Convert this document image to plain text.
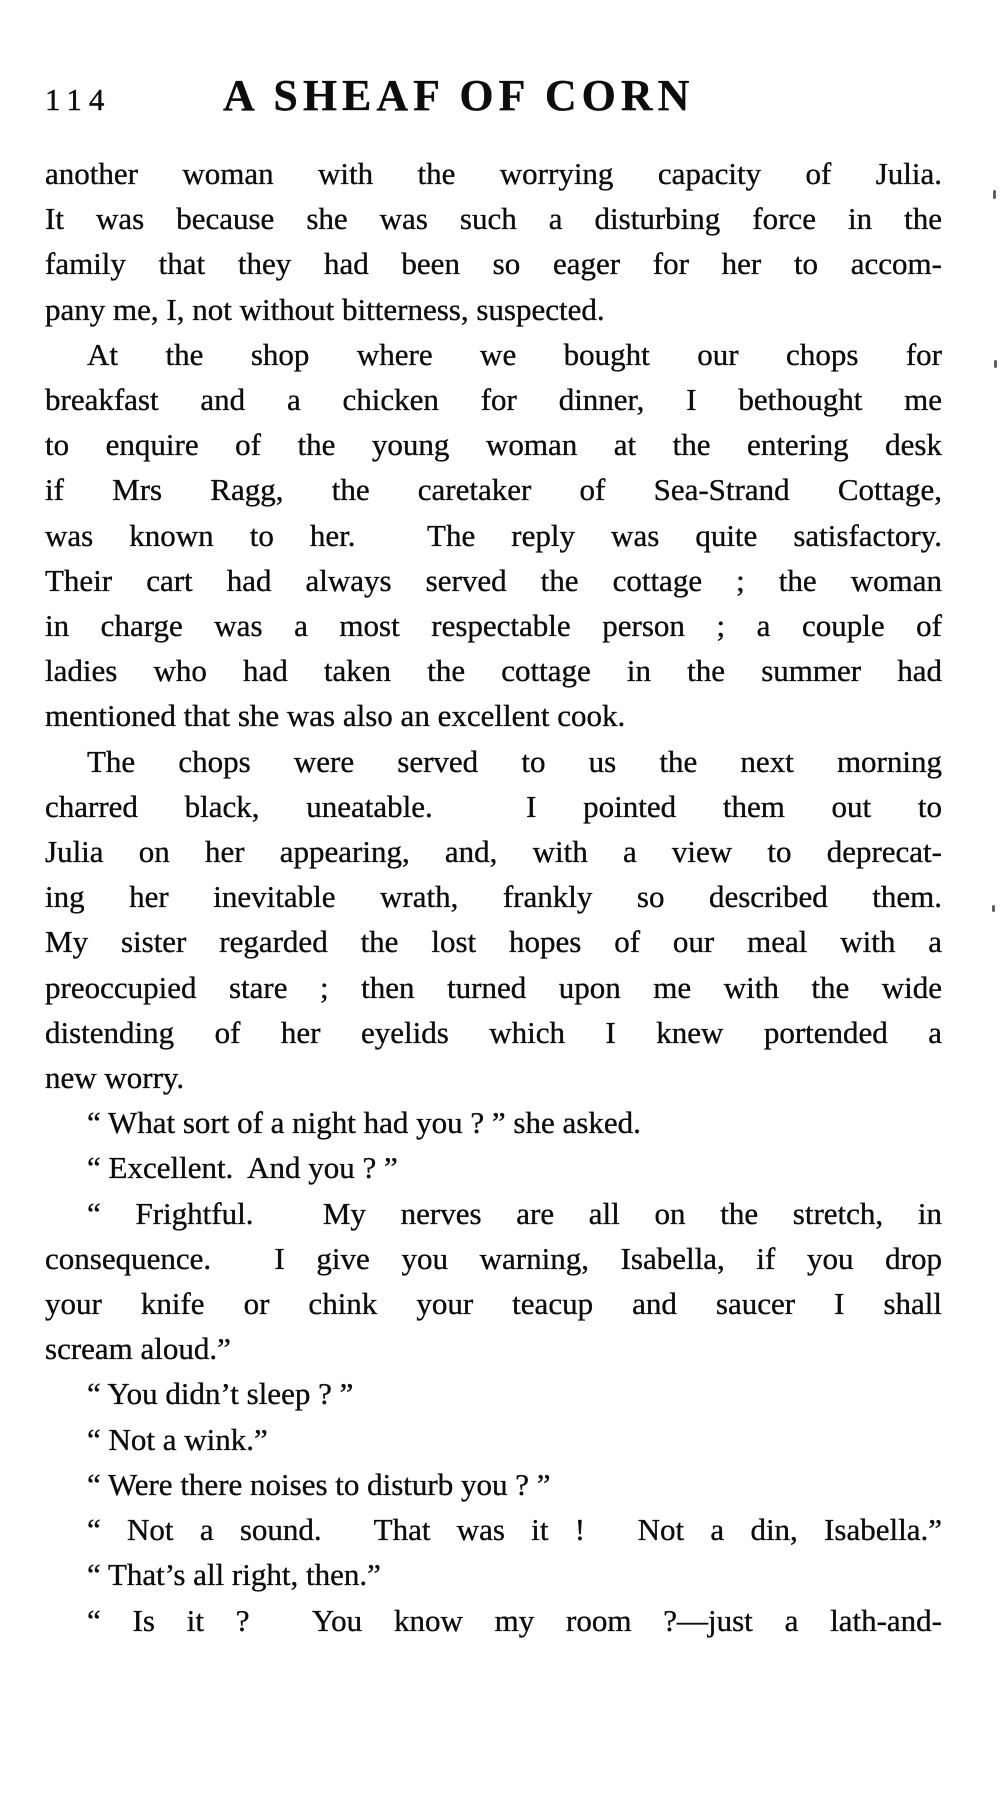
114	A SHEAF OF CORN
another woman with the worrying capacity of Julia.
It was because she was such a disturbing force in the
family that they had been so eager for her to accom-
pany me, I, not without bitterness, suspected.
At the shop where we bought our chops for
breakfast and a chicken for dinner, I bethought me
to enquire of the young woman at the entering desk
if Mrs Ragg, the caretaker of Sea-Strand Cottage,
was known to her.  The reply was quite satisfactory.
Their cart had always served the cottage ; the woman
in charge was a most respectable person ; a couple of
ladies who had taken the cottage in the summer had
mentioned that she was also an excellent cook.
The chops were served to us the next morning
charred black, uneatable.  I pointed them out to
Julia on her appearing, and, with a view to deprecat-
ing her inevitable wrath, frankly so described them.
My sister regarded the lost hopes of our meal with a
preoccupied stare ; then turned upon me with the wide
distending of her eyelids which I knew portended a
new worry.
“ What sort of a night had you ? ” she asked.
“ Excellent.  And you ? ”
“ Frightful.  My nerves are all on the stretch, in
consequence.  I give you warning, Isabella, if you drop
your knife or chink your teacup and saucer I shall
scream aloud.”
“ You didn’t sleep ? ”
“ Not a wink.”
“ Were there noises to disturb you ? ”
“ Not a sound.  That was it !  Not a din, Isabella.”
“ That’s all right, then.”
“ Is it ?  You know my room ?—just a lath-and-
